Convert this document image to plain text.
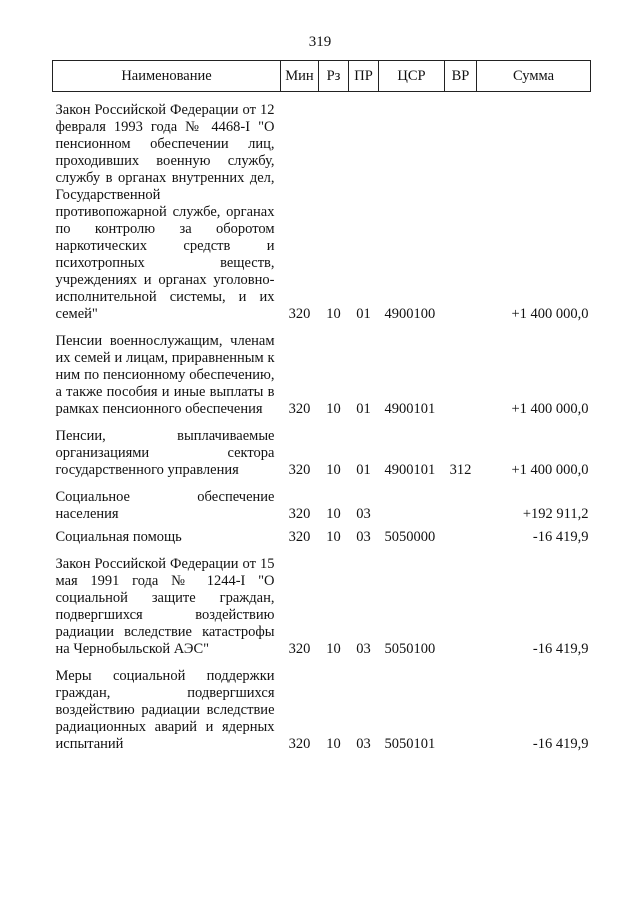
319
Наименование	Мин	Рз	ПР	ЦСР	ВР	Сумма

Закон Российской Федерации от 12 февраля 1993 года № 4468-I "О пенсионном обеспечении лиц, проходивших военную службу, службу в органах внутренних дел, Государственной противопожарной службе, органах по контролю за оборотом наркотических средств и психотропных веществ, учреждениях и органах уголовно-исполнительной системы, и их семей"	320	10	01	4900100		+1 400 000,0

Пенсии военнослужащим, членам их семей и лицам, приравненным к ним по пенсионному обеспечению, а также пособия и иные выплаты в рамках пенсионного обеспечения	320	10	01	4900101		+1 400 000,0

Пенсии, выплачиваемые организациями сектора государственного управления	320	10	01	4900101	312	+1 400 000,0

Социальное обеспечение населения	320	10	03			+192 911,2

Социальная помощь	320	10	03	5050000		-16 419,9

Закон Российской Федерации от 15 мая 1991 года № 1244-I "О социальной защите граждан, подвергшихся воздействию радиации вследствие катастрофы на Чернобыльской АЭС"	320	10	03	5050100		-16 419,9

Меры социальной поддержки граждан, подвергшихся воздействию радиации вследствие радиационных аварий и ядерных испытаний	320	10	03	5050101		-16 419,9
